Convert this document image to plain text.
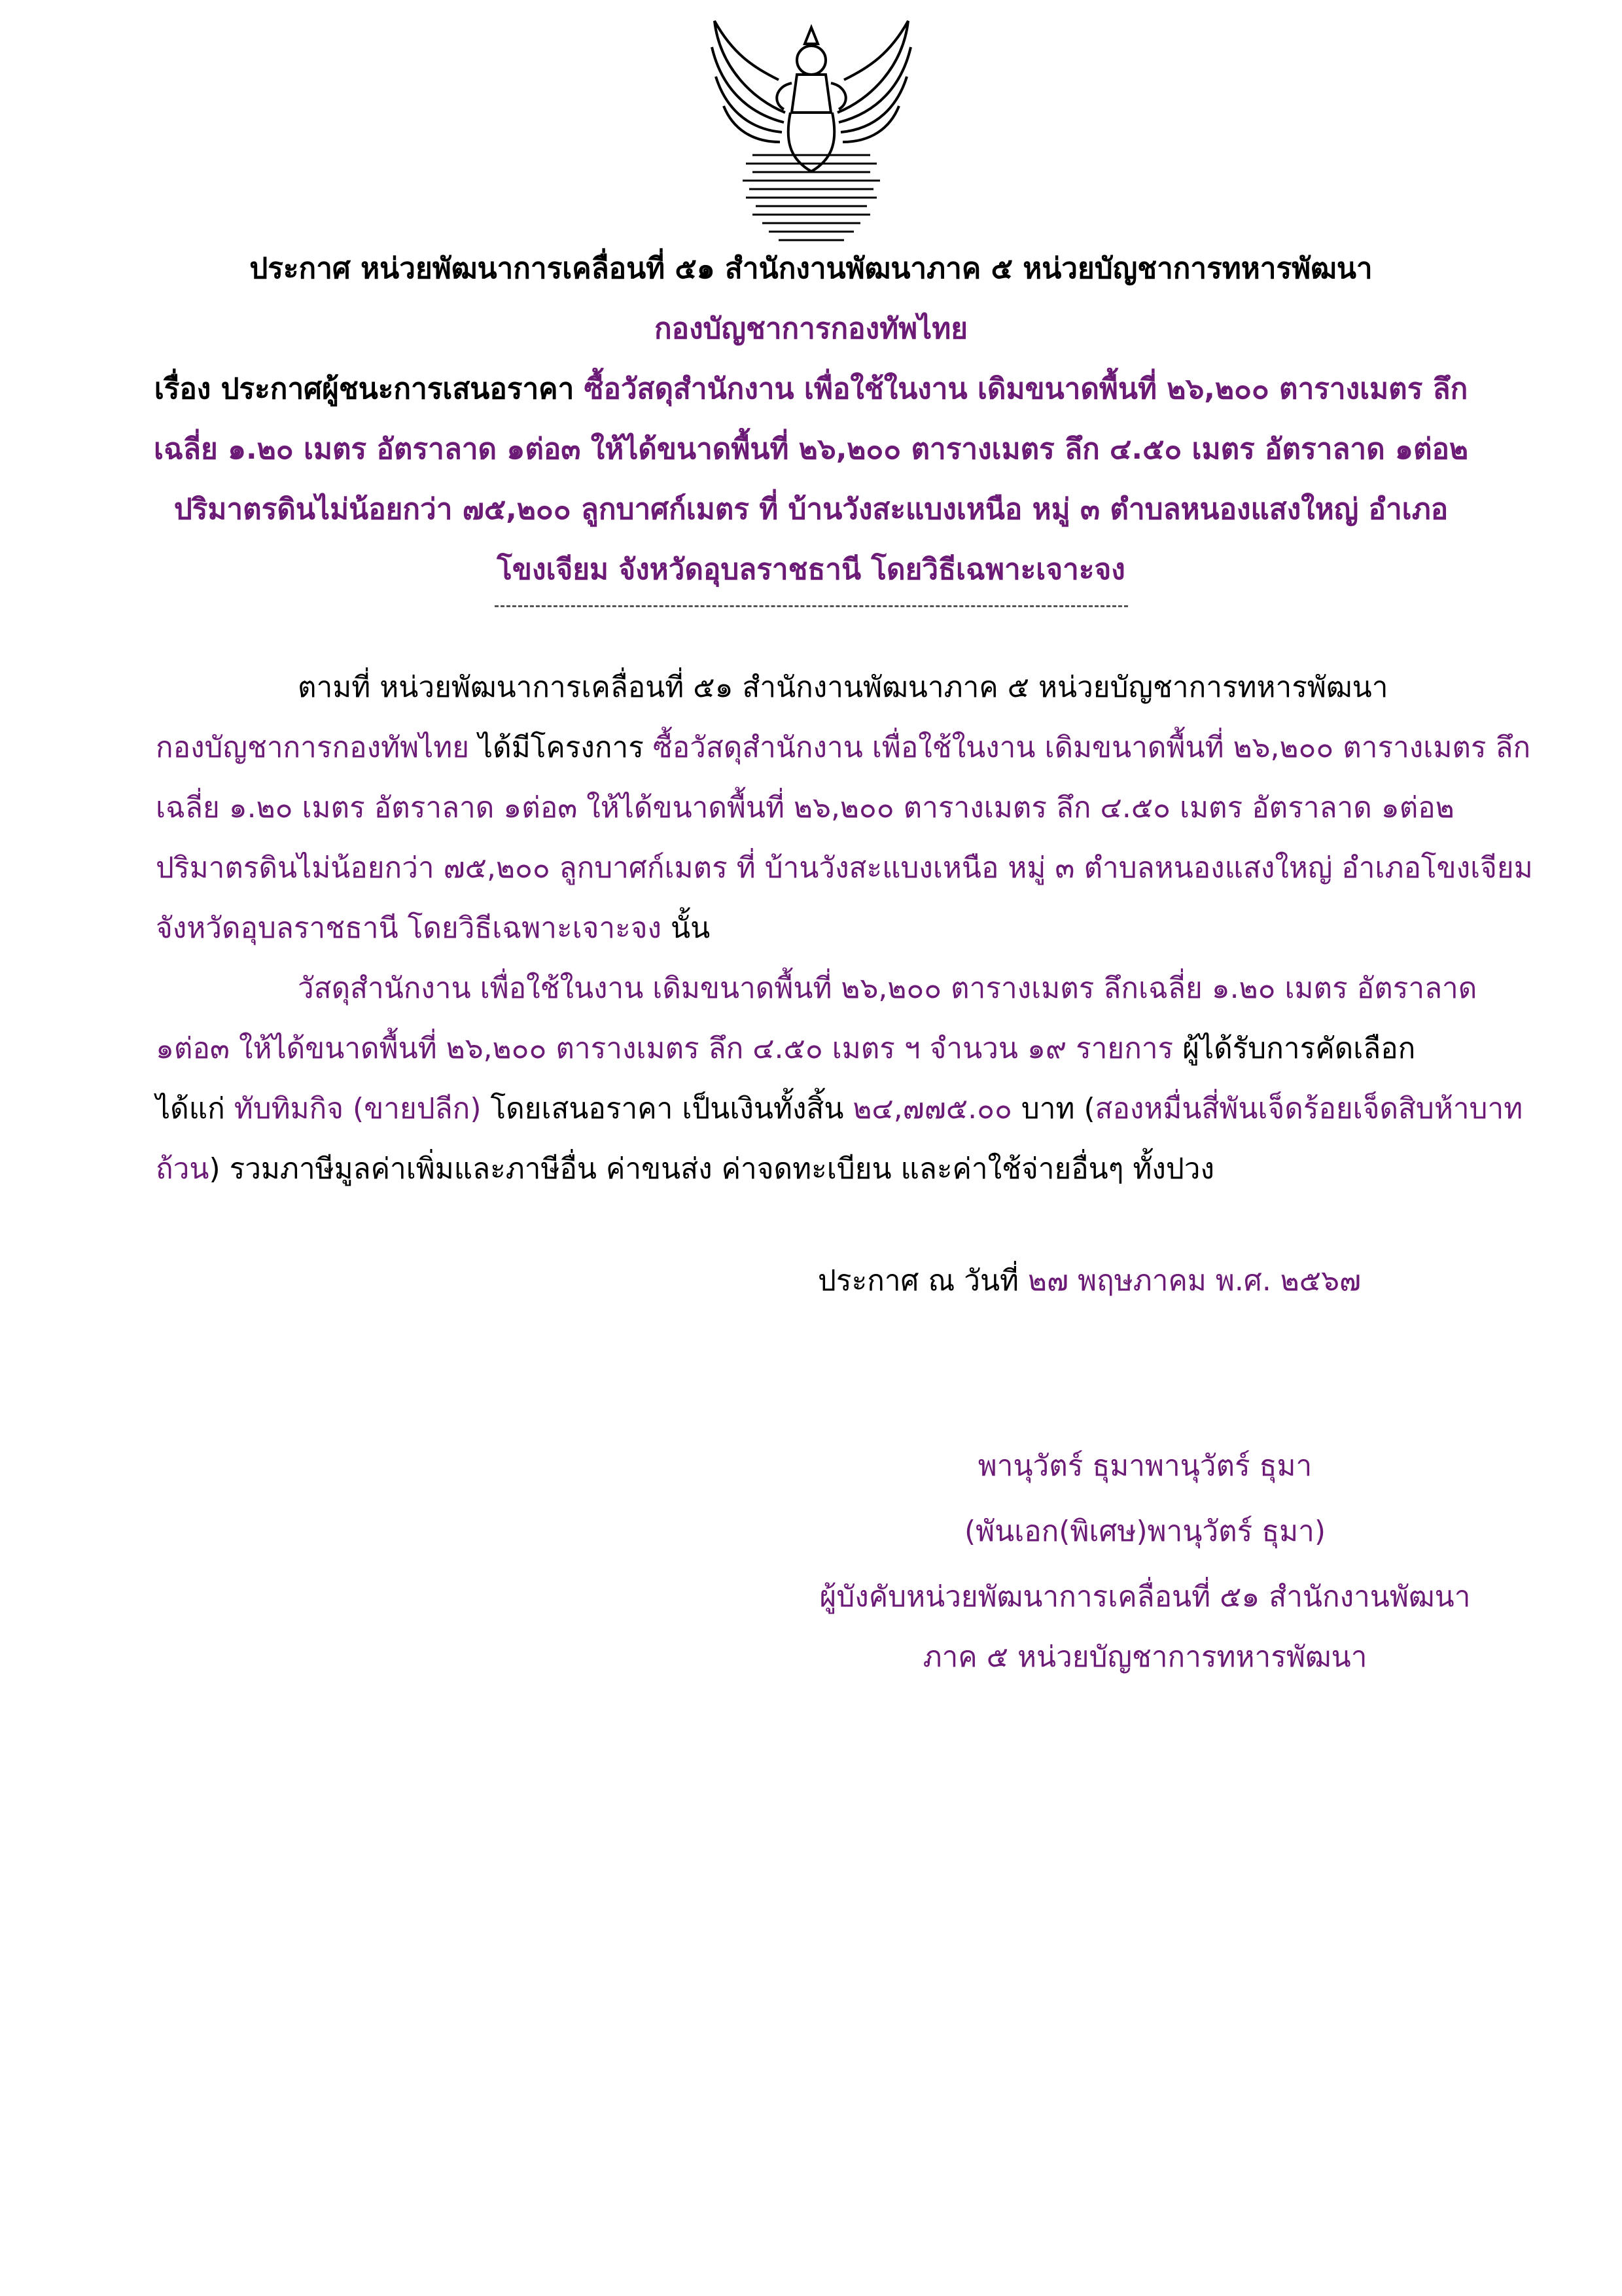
ประกาศ หน่วยพัฒนาการเคลื่อนที่ ๕๑ สำนักงานพัฒนาภาค ๕ หน่วยบัญชาการทหารพัฒนา
กองบัญชาการกองทัพไทย
เรื่อง ประกาศผู้ชนะการเสนอราคา ซื้อวัสดุสำนักงาน เพื่อใช้ในงาน เดิมขนาดพื้นที่ ๒๖,๒๐๐ ตารางเมตร ลึก
เฉลี่ย ๑.๒๐ เมตร อัตราลาด ๑ต่อ๓ ให้ได้ขนาดพื้นที่ ๒๖,๒๐๐ ตารางเมตร ลึก ๔.๕๐ เมตร อัตราลาด ๑ต่อ๒
ปริมาตรดินไม่น้อยกว่า ๗๕,๒๐๐ ลูกบาศก์เมตร ที่ บ้านวังสะแบงเหนือ หมู่ ๓ ตำบลหนองแสงใหญ่ อำเภอ
โขงเจียม จังหวัดอุบลราชธานี โดยวิธีเฉพาะเจาะจง
ตามที่ หน่วยพัฒนาการเคลื่อนที่ ๕๑ สำนักงานพัฒนาภาค ๕ หน่วยบัญชาการทหารพัฒนา
กองบัญชาการกองทัพไทย ได้มีโครงการ ซื้อวัสดุสำนักงาน เพื่อใช้ในงาน เดิมขนาดพื้นที่ ๒๖,๒๐๐ ตารางเมตร ลึก
เฉลี่ย ๑.๒๐ เมตร อัตราลาด ๑ต่อ๓ ให้ได้ขนาดพื้นที่ ๒๖,๒๐๐ ตารางเมตร ลึก ๔.๕๐ เมตร อัตราลาด ๑ต่อ๒
ปริมาตรดินไม่น้อยกว่า ๗๕,๒๐๐ ลูกบาศก์เมตร ที่ บ้านวังสะแบงเหนือ หมู่ ๓ ตำบลหนองแสงใหญ่ อำเภอโขงเจียม
จังหวัดอุบลราชธานี โดยวิธีเฉพาะเจาะจง นั้น
วัสดุสำนักงาน เพื่อใช้ในงาน เดิมขนาดพื้นที่ ๒๖,๒๐๐ ตารางเมตร ลึกเฉลี่ย ๑.๒๐ เมตร อัตราลาด
๑ต่อ๓ ให้ได้ขนาดพื้นที่ ๒๖,๒๐๐ ตารางเมตร ลึก ๔.๕๐ เมตร ฯ จำนวน ๑๙ รายการ ผู้ได้รับการคัดเลือก
ได้แก่ ทับทิมกิจ (ขายปลีก) โดยเสนอราคา เป็นเงินทั้งสิ้น ๒๔,๗๗๕.๐๐ บาท (สองหมื่นสี่พันเจ็ดร้อยเจ็ดสิบห้าบาท
ถ้วน) รวมภาษีมูลค่าเพิ่มและภาษีอื่น ค่าขนส่ง ค่าจดทะเบียน และค่าใช้จ่ายอื่นๆ ทั้งปวง
ประกาศ ณ วันที่ ๒๗ พฤษภาคม พ.ศ. ๒๕๖๗
พานุวัตร์ ธุมาพานุวัตร์ ธุมา
(พันเอก(พิเศษ)พานุวัตร์ ธุมา)
ผู้บังคับหน่วยพัฒนาการเคลื่อนที่ ๕๑ สำนักงานพัฒนา
ภาค ๕ หน่วยบัญชาการทหารพัฒนา
